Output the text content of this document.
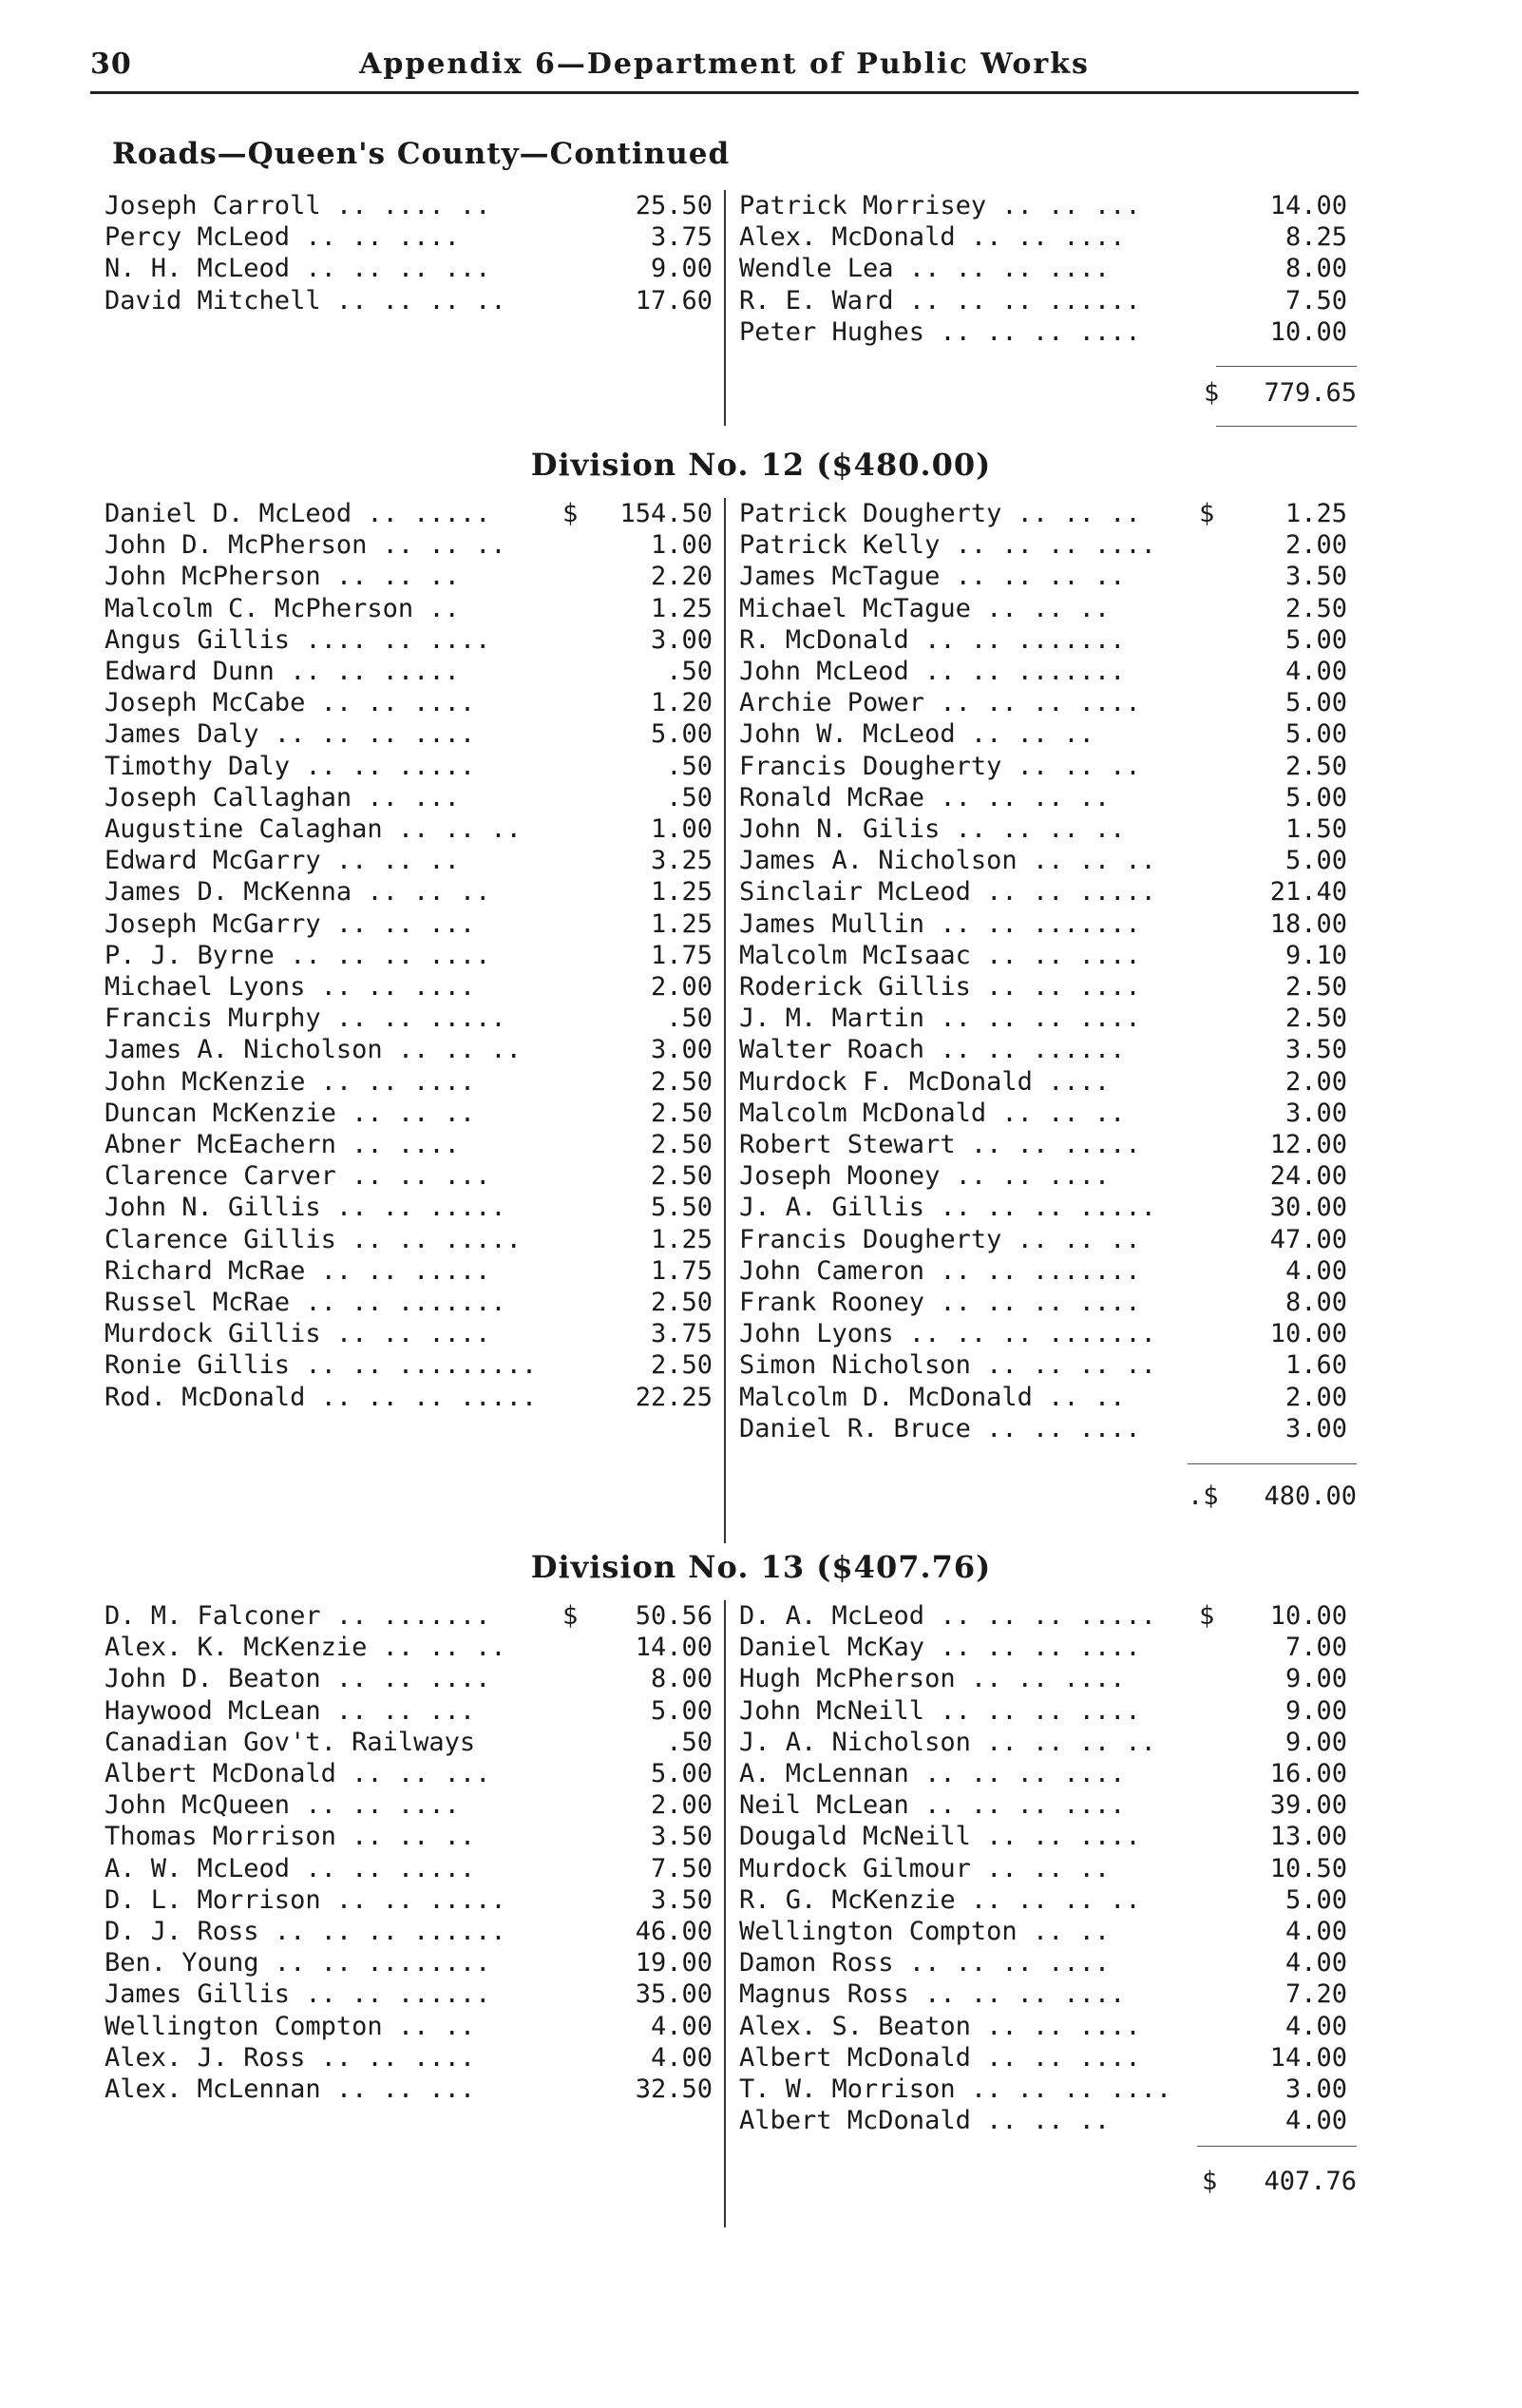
30	Appendix 6—Department of Public Works
Roads—Queen's County—Continued
Joseph Carroll .. .... ..	25.50
Percy McLeod .. .. ....	3.75
N. H. McLeod .. .. .. ...	9.00
David Mitchell .. .. .. ..	17.60
Patrick Morrisey .. .. ...	14.00
Alex. McDonald .. .. ....	8.25
Wendle Lea .. .. .. ....	8.00
R. E. Ward .. .. .. ......	7.50
Peter Hughes .. .. .. ....	10.00
$ 779.65
Division No. 12 ($480.00)
Daniel D. McLeod .. .....	$ 154.50
John D. McPherson .. .. ..	1.00
John McPherson .. .. ..	2.20
Malcolm C. McPherson ..	1.25
Angus Gillis .... .. ....	3.00
Edward Dunn .. .. .....	.50
Joseph McCabe .. .. ....	1.20
James Daly .. .. .. ....	5.00
Timothy Daly .. .. .....	.50
Joseph Callaghan .. ...	.50
Augustine Calaghan .. .. ..	1.00
Edward McGarry .. .. ..	3.25
James D. McKenna .. .. ..	1.25
Joseph McGarry .. .. ...	1.25
P. J. Byrne .. .. .. ....	1.75
Michael Lyons .. .. ....	2.00
Francis Murphy .. .. .....	.50
James A. Nicholson .. .. ..	3.00
John McKenzie .. .. ....	2.50
Duncan McKenzie .. .. ..	2.50
Abner McEachern .. ....	2.50
Clarence Carver .. .. ...	2.50
John N. Gillis .. .. .....	5.50
Clarence Gillis .. .. .....	1.25
Richard McRae .. .. .....	1.75
Russel McRae .. .. .......	2.50
Murdock Gillis .. .. ....	3.75
Ronie Gillis .. .. .........	2.50
Rod. McDonald .. .. .. .....	22.25
Patrick Dougherty .. .. .. $	1.25
Patrick Kelly .. .. .. ....	2.00
James McTague .. .. .. ..	3.50
Michael McTague .. .. ..	2.50
R. McDonald .. .. .......	5.00
John McLeod .. .. .......	4.00
Archie Power .. .. .. ....	5.00
John W. McLeod .. .. ..	5.00
Francis Dougherty .. .. ..	2.50
Ronald McRae .. .. .. ..	5.00
John N. Gilis .. .. .. ..	1.50
James A. Nicholson .. .. ..	5.00
Sinclair McLeod .. .. .....	21.40
James Mullin .. .. .......	18.00
Malcolm McIsaac .. .. ....	9.10
Roderick Gillis .. .. ....	2.50
J. M. Martin .. .. .. ....	2.50
Walter Roach .. .. ......	3.50
Murdock F. McDonald ....	2.00
Malcolm McDonald .. .. ..	3.00
Robert Stewart .. .. .....	12.00
Joseph Mooney .. .. ....	24.00
J. A. Gillis .. .. .. .....	30.00
Francis Dougherty .. .. ..	47.00
John Cameron .. .. .......	4.00
Frank Rooney .. .. .. ....	8.00
John Lyons .. .. .. .......	10.00
Simon Nicholson .. .. .. ..	1.60
Malcolm D. McDonald .. ..	2.00
Daniel R. Bruce .. .. ....	3.00
.$ 480.00
Division No. 13 ($407.76)
D. M. Falconer .. .......	$ 50.56
Alex. K. McKenzie .. .. ..	14.00
John D. Beaton .. .. ....	8.00
Haywood McLean .. .. ...	5.00
Canadian Gov't. Railways	.50
Albert McDonald .. .. ...	5.00
John McQueen .. .. ....	2.00
Thomas Morrison .. .. ..	3.50
A. W. McLeod .. .. .....	7.50
D. L. Morrison .. .. .....	3.50
D. J. Ross .. .. .. ......	46.00
Ben. Young .. .. ........	19.00
James Gillis .. .. ......	35.00
Wellington Compton .. ..	4.00
Alex. J. Ross .. .. ....	4.00
Alex. McLennan .. .. ...	32.50
D. A. McLeod .. .. .. ..... $ 10.00
Daniel McKay .. .. .. ....	7.00
Hugh McPherson .. .. ....	9.00
John McNeill .. .. .. ....	9.00
J. A. Nicholson .. .. .. ..	9.00
A. McLennan .. .. .. ....	16.00
Neil McLean .. .. .. ....	39.00
Dougald McNeill .. .. ....	13.00
Murdock Gilmour .. .. ..	10.50
R. G. McKenzie .. .. .. ..	5.00
Wellington Compton .. ..	4.00
Damon Ross .. .. .. ....	4.00
Magnus Ross .. .. .. ....	7.20
Alex. S. Beaton .. .. ....	4.00
Albert McDonald .. .. ....	14.00
T. W. Morrison .. .. .. ....	3.00
Albert McDonald .. .. ..	4.00
$ 407.76
